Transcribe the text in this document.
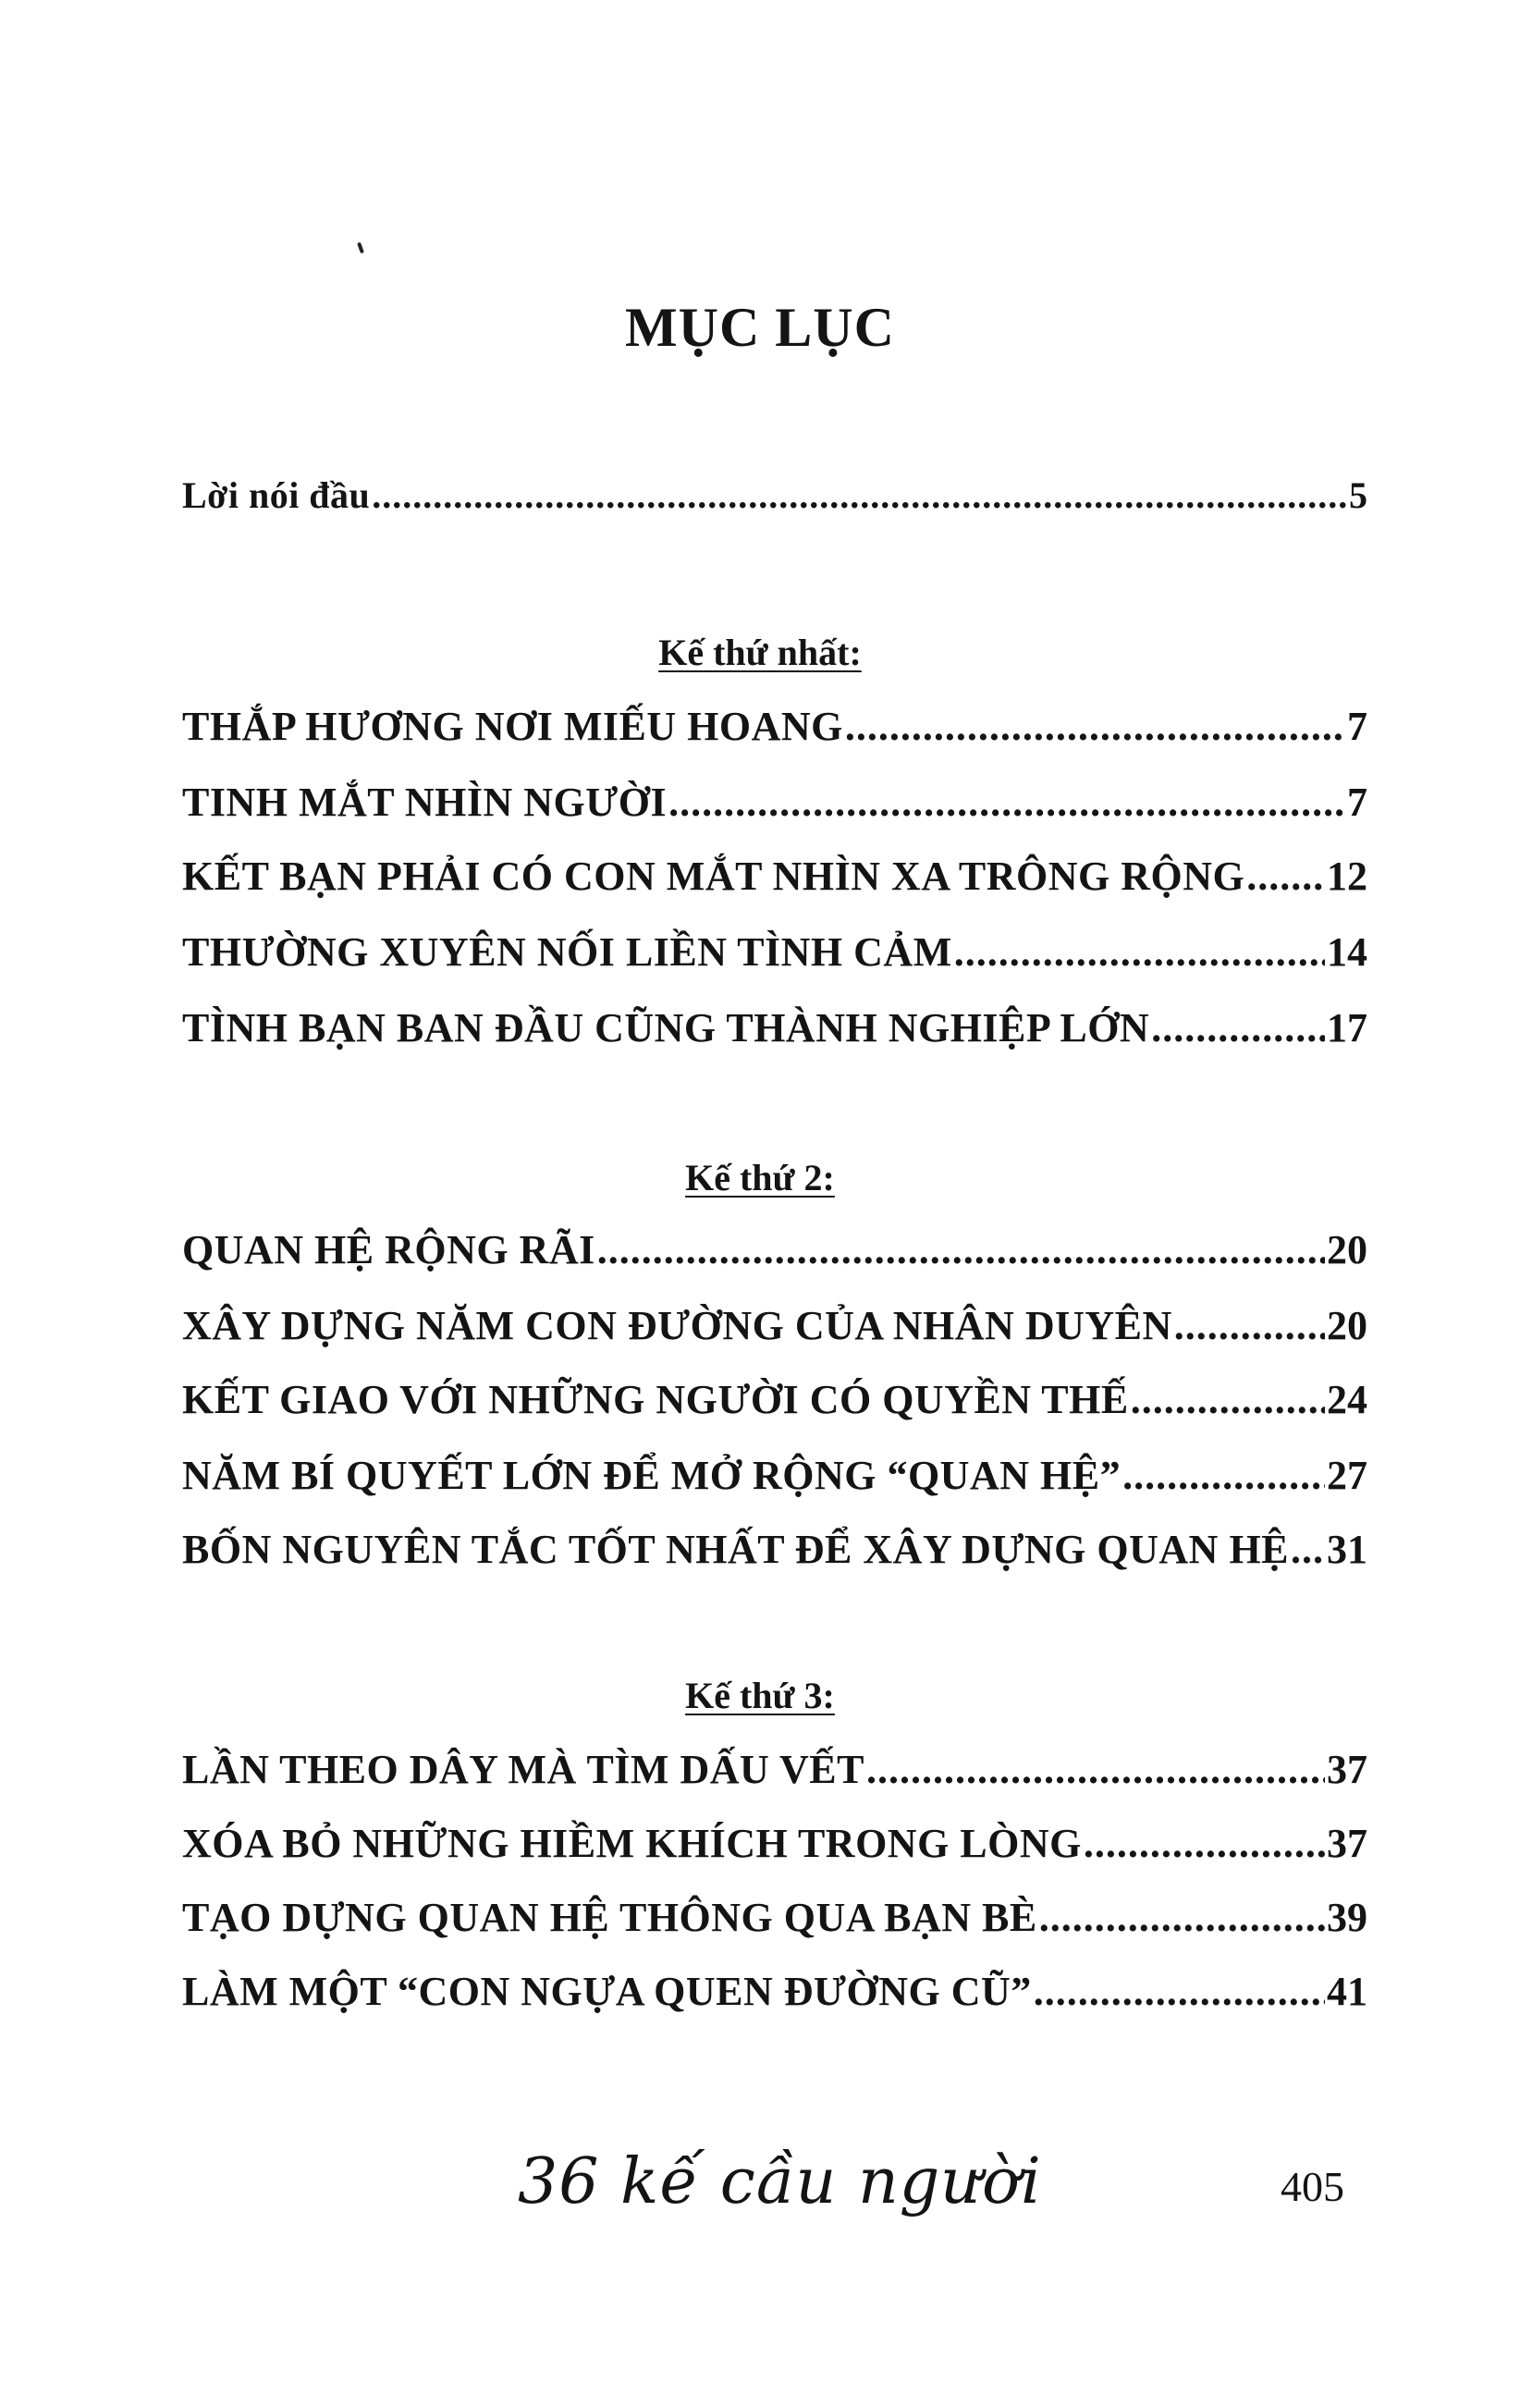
MỤC LỤC
Lời nói đầu .....	5
Kế thứ nhất:
THẮP HƯƠNG NƠI MIẾU HOANG .....	7
TINH MẮT NHÌN NGƯỜI .....	7
KẾT BẠN PHẢI CÓ CON MẮT NHÌN XA TRÔNG RỘNG ..... 12
THƯỜNG XUYÊN NỐI LIỀN TÌNH CẢM .....	14
TÌNH BẠN BAN ĐẦU CŨNG THÀNH NGHIỆP LỚN .....	17
Kế thứ 2:
QUAN HỆ RỘNG RÃI .....	20
XÂY DỰNG NĂM CON ĐƯỜNG CỦA NHÂN DUYÊN .....	20
KẾT GIAO VỚI NHỮNG NGƯỜI CÓ QUYỀN THẾ .....	24
NĂM BÍ QUYẾT LỚN ĐỂ MỞ RỘNG “QUAN HỆ” .....	27
BỐN NGUYÊN TẮC TỐT NHẤT ĐỂ XÂY DỰNG QUAN HỆ ..... 31
Kế thứ 3:
LẦN THEO DÂY MÀ TÌM DẤU VẾT .....	37
XÓA BỎ NHỮNG HIỀM KHÍCH TRONG LÒNG .....	37
TẠO DỰNG QUAN HỆ THÔNG QUA BẠN BÈ .....	39
LÀM MỘT “CON NGỰA QUEN ĐƯỜNG CŨ” .....	41
36 kế cầu người	405
